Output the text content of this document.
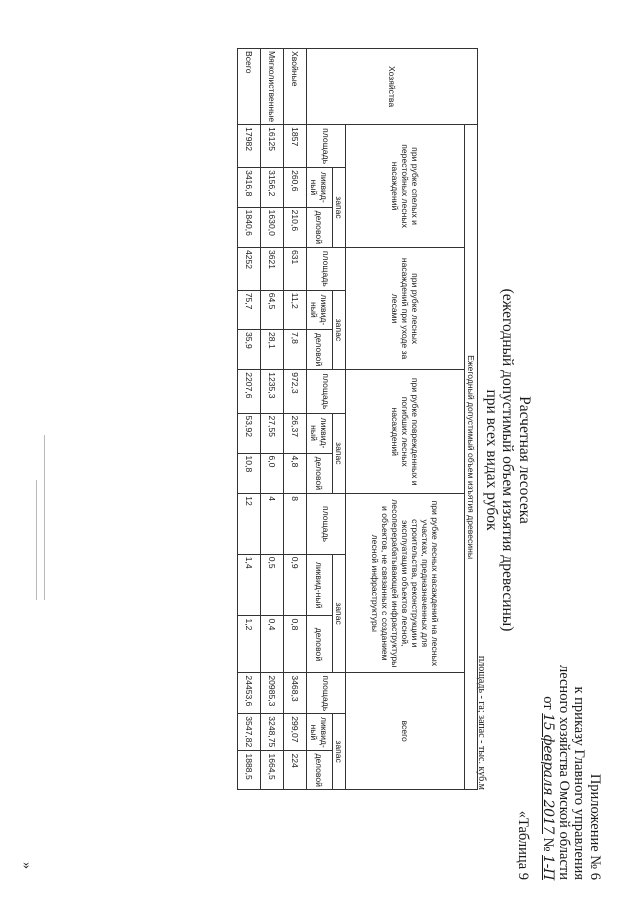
Приложение № 6
к приказу Главного управления
лесного хозяйства Омской области
от 15 февраля 2017 № 1-П
«Таблица 9
Расчетная лесосека
(ежегодный допустимый объем изъятия древесины)
при всех видах рубок
площадь - га; запас - тыс. куб.м
Хозяйства	Ежегодный допустимый объем изъятия древесины														
	при рубке спелых и перестойных лесных насаждений			при рубке лесных насаждений при уходе за лесами			при рубке поврежденных и погибших лесных насаждений			при рубке лесных насаждений на лесных участках, предназначенных для строительства, реконструкции и эксплуатации объектов лесной, лесоперерабатывающей инфраструктуры и объектов, не связанных с созданием лесной инфраструктуры			всего		
	площадь	запас		площадь	запас		площадь	запас		площадь	запас		площадь	запас	
		ликвид-ный	деловой		ликвид-ный	деловой		ликвид-ный	деловой		ликвид-ный	деловой		ликвид-ный	деловой
Хвойные	1857	260,6	210,6	631	11,2	7,8	972,3	26,37	4,8	8	0,9	0,8	3468,3	299,07	224
Мягколиственные	16125	3156,2	1630,0	3621	64,5	28,1	1235,3	27,55	6,0	4	0,5	0,4	20985,3	3248,75	1664,5
Всего	17982	3416,8	1840,6	4252	75,7	35,9	2207,6	53,92	10,8	12	1,4	1,2	24453,6	3547,82	1888,5
»
